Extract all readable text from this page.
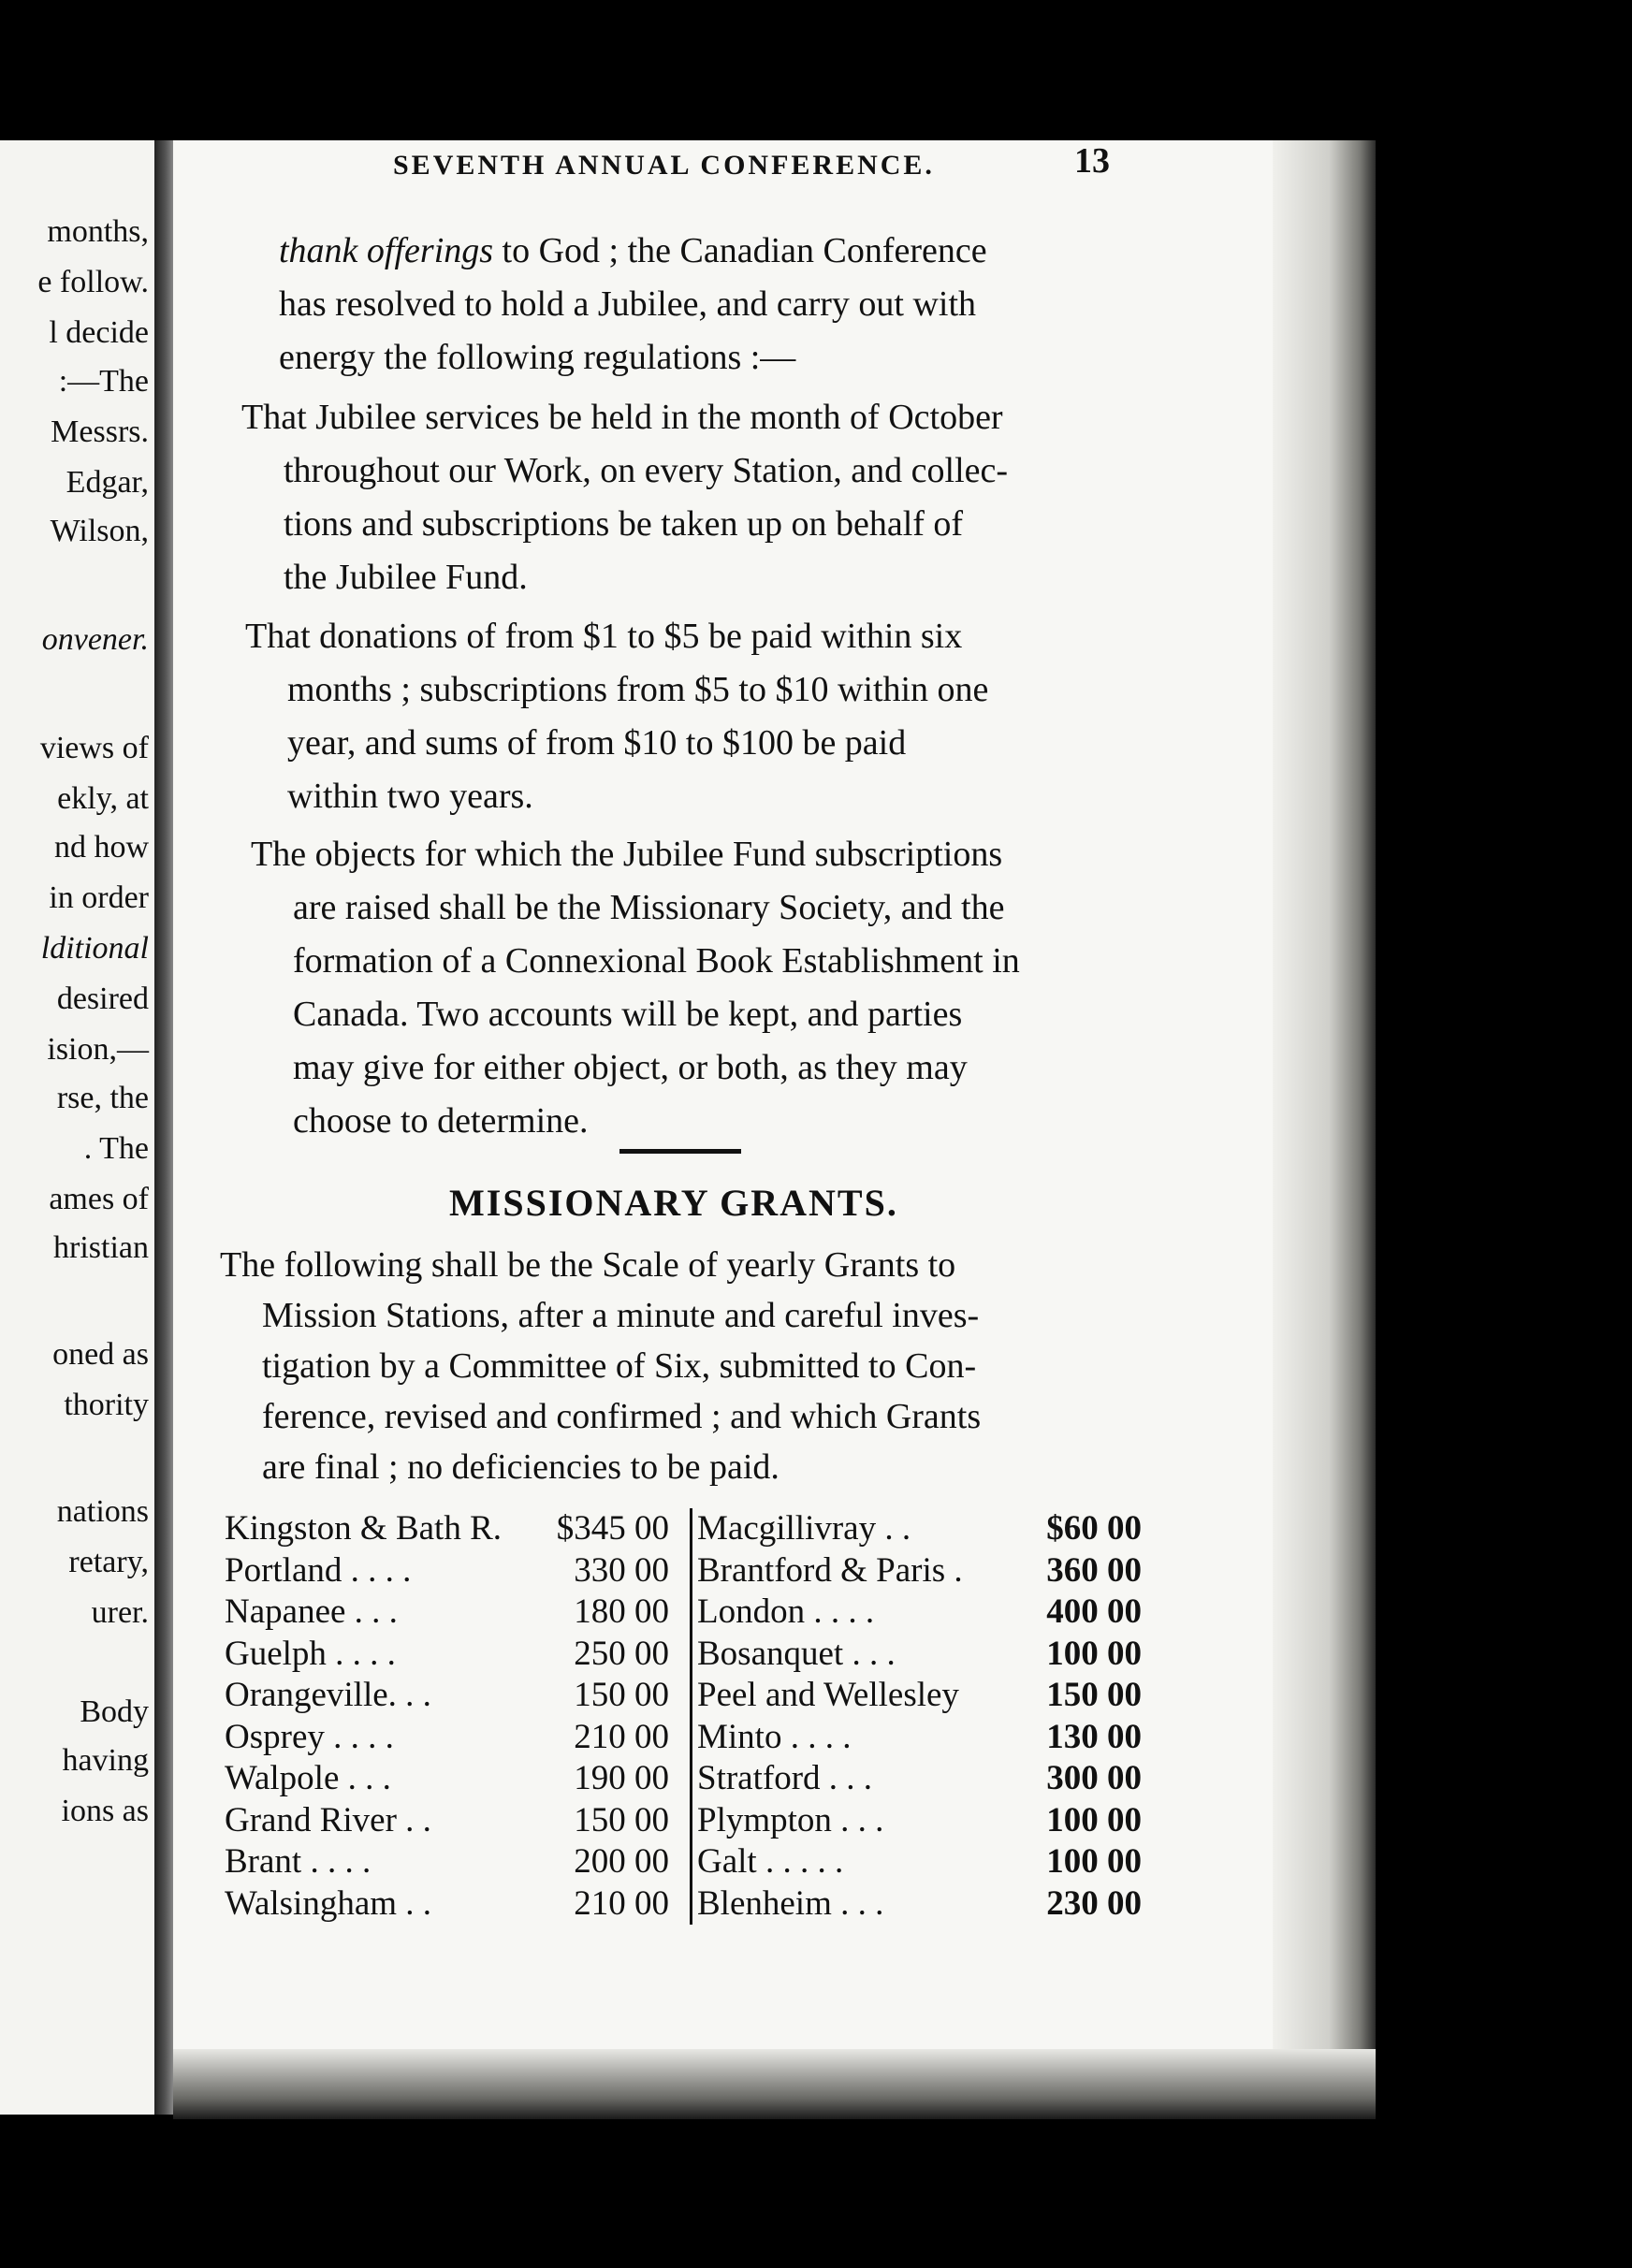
months,
e follow.
l decide
:—The
Messrs.
Edgar,
Wilson,
onvener.
views of
ekly, at
nd how
in order
lditional
desired
ision,—
rse, the
. The
ames of
hristian
oned as
thority
nations
retary,
urer.
Body
having
ions as
SEVENTH ANNUAL CONFERENCE.	13
thank offerings to God ; the Canadian Conference
has resolved to hold a Jubilee, and carry out with
energy the following regulations :—
That Jubilee services be held in the month of October
throughout our Work, on every Station, and collec-
tions and subscriptions be taken up on behalf of
the Jubilee Fund.
That donations of from $1 to $5 be paid within six
months ; subscriptions from $5 to $10 within one
year, and sums of from $10 to $100 be paid
within two years.
The objects for which the Jubilee Fund subscriptions
are raised shall be the Missionary Society, and the
formation of a Connexional Book Establishment in
Canada. Two accounts will be kept, and parties
may give for either object, or both, as they may
choose to determine.
MISSIONARY GRANTS.
The following shall be the Scale of yearly Grants to
Mission Stations, after a minute and careful inves-
tigation by a Committee of Six, submitted to Con-
ference, revised and confirmed ; and which Grants
are final ; no deficiencies to be paid.
Kingston & Bath R.	$345 00 Macgillivray . .	$60 00
Portland . . . .	330 00 Brantford & Paris .	360 00
Napanee . . .	180 00 London . . . .	400 00
Guelph . . . .	250 00 Bosanquet . . .	100 00
Orangeville. . .	150 00 Peel and Wellesley	150 00
Osprey . . . .	210 00 Minto . . . .	130 00
Walpole . . .	190 00 Stratford . . .	300 00
Grand River . .	150 00 Plympton . . .	100 00
Brant . . . .	200 00 Galt . . . . .	100 00
Walsingham . .	210 00 Blenheim . . .	230 00
